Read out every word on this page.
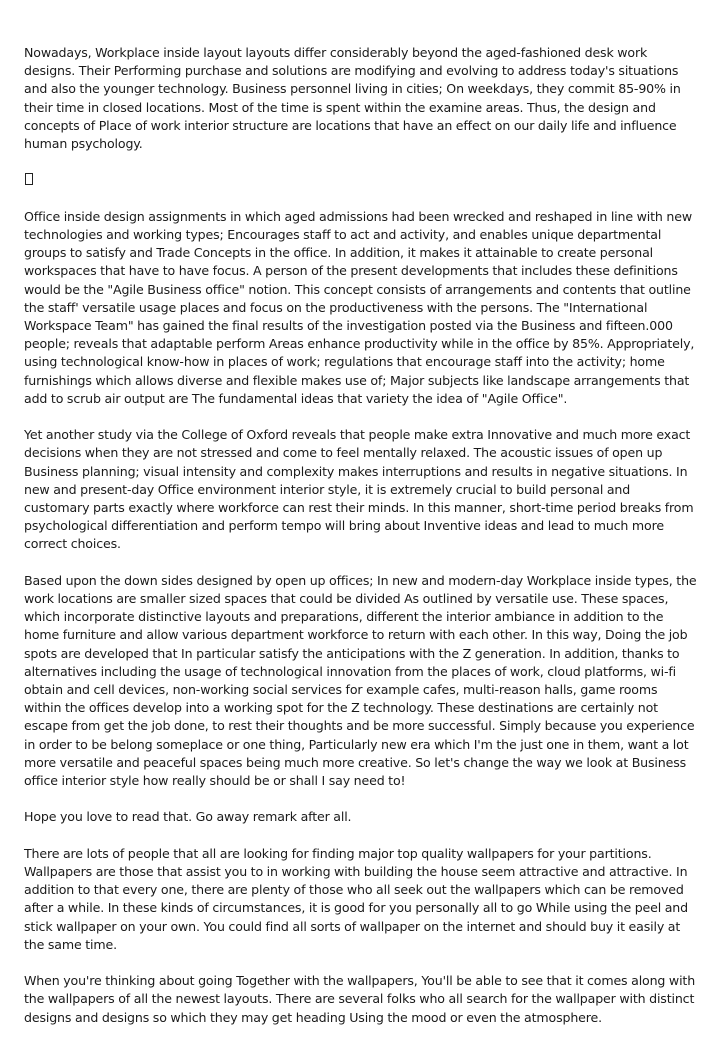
Nowadays, Workplace inside layout layouts differ considerably beyond the aged-fashioned desk work designs. Their Performing purchase and solutions are modifying and evolving to address today's situations and also the younger technology. Business personnel living in cities; On weekdays, they commit 85-90% in their time in closed locations. Most of the time is spent within the examine areas. Thus, the design and concepts of Place of work interior structure are locations that have an effect on our daily life and influence human psychology.

Office inside design assignments in which aged admissions had been wrecked and reshaped in line with new technologies and working types; Encourages staff to act and activity, and enables unique departmental groups to satisfy and Trade Concepts in the office. In addition, it makes it attainable to create personal workspaces that have to have focus. A person of the present developments that includes these definitions would be the "Agile Business office" notion. This concept consists of arrangements and contents that outline the staff' versatile usage places and focus on the productiveness with the persons. The "International Workspace Team" has gained the final results of the investigation posted via the Business and fifteen.000 people; reveals that adaptable perform Areas enhance productivity while in the office by 85%. Appropriately, using technological know-how in places of work; regulations that encourage staff into the activity; home furnishings which allows diverse and flexible makes use of; Major subjects like landscape arrangements that add to scrub air output are The fundamental ideas that variety the idea of "Agile Office".

Yet another study via the College of Oxford reveals that people make extra Innovative and much more exact decisions when they are not stressed and come to feel mentally relaxed. The acoustic issues of open up Business planning; visual intensity and complexity makes interruptions and results in negative situations. In new and present-day Office environment interior style, it is extremely crucial to build personal and customary parts exactly where workforce can rest their minds. In this manner, short-time period breaks from psychological differentiation and perform tempo will bring about Inventive ideas and lead to much more correct choices.

Based upon the down sides designed by open up offices; In new and modern-day Workplace inside types, the work locations are smaller sized spaces that could be divided As outlined by versatile use. These spaces, which incorporate distinctive layouts and preparations, different the interior ambiance in addition to the home furniture and allow various department workforce to return with each other. In this way, Doing the job spots are developed that In particular satisfy the anticipations with the Z generation. In addition, thanks to alternatives including the usage of technological innovation from the places of work, cloud platforms, wi-fi obtain and cell devices, non-working social services for example cafes, multi-reason halls, game rooms within the offices develop into a working spot for the Z technology. These destinations are certainly not escape from get the job done, to rest their thoughts and be more successful. Simply because you experience in order to be belong someplace or one thing, Particularly new era which I'm the just one in them, want a lot more versatile and peaceful spaces being much more creative. So let's change the way we look at Business office interior style how really should be or shall I say need to!

Hope you love to read that. Go away remark after all.

There are lots of people that all are looking for finding major top quality wallpapers for your partitions. Wallpapers are those that assist you to in working with building the house seem attractive and attractive. In addition to that every one, there are plenty of those who all seek out the wallpapers which can be removed after a while. In these kinds of circumstances, it is good for you personally all to go While using the peel and stick wallpaper on your own. You could find all sorts of wallpaper on the internet and should buy it easily at the same time.

When you're thinking about going Together with the wallpapers, You'll be able to see that it comes along with the wallpapers of all the newest layouts. There are several folks who all search for the wallpaper with distinct designs and designs so which they may get heading Using the mood or even the atmosphere.
